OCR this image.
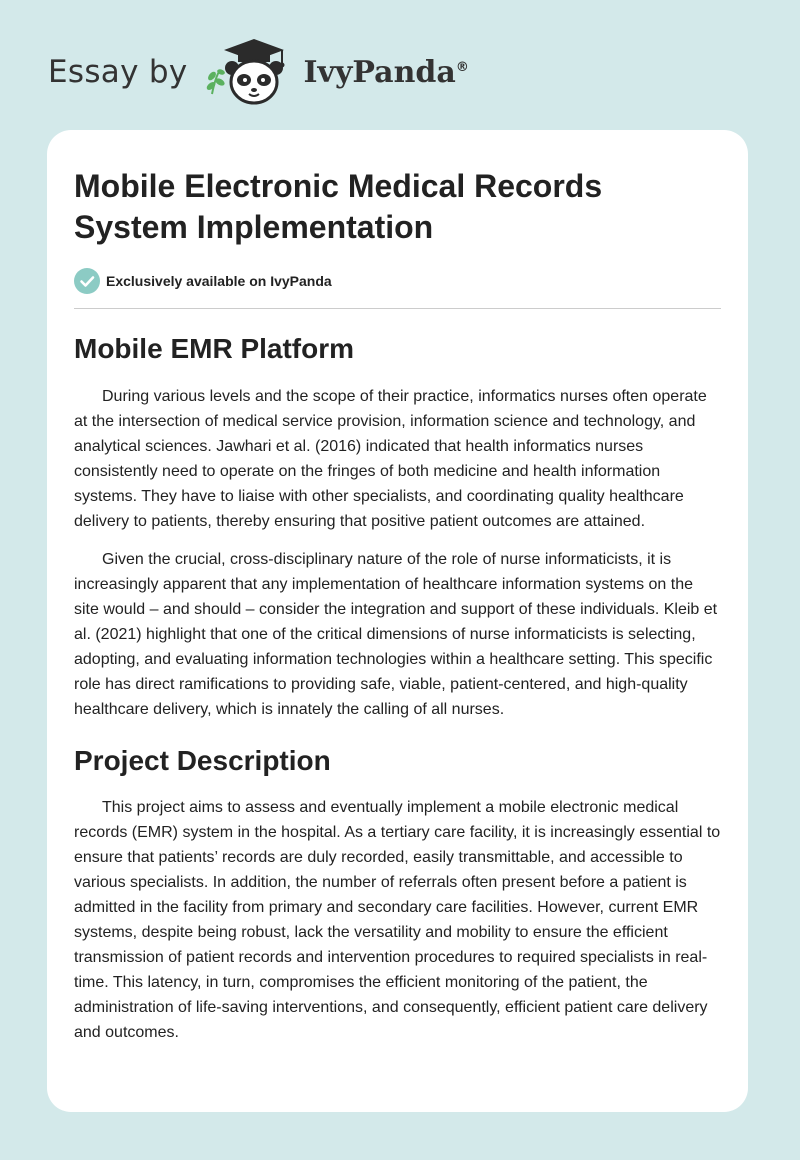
Essay by	IvyPanda®
Mobile Electronic Medical Records System Implementation
Exclusively available on IvyPanda
Mobile EMR Platform

During various levels and the scope of their practice, informatics nurses often operate at the intersection of medical service provision, information science and technology, and analytical sciences. Jawhari et al. (2016) indicated that health informatics nurses consistently need to operate on the fringes of both medicine and health information systems. They have to liaise with other specialists, and coordinating quality healthcare delivery to patients, thereby ensuring that positive patient outcomes are attained.

Given the crucial, cross-disciplinary nature of the role of nurse informaticists, it is increasingly apparent that any implementation of healthcare information systems on the site would – and should – consider the integration and support of these individuals. Kleib et al. (2021) highlight that one of the critical dimensions of nurse informaticists is selecting, adopting, and evaluating information technologies within a healthcare setting. This specific role has direct ramifications to providing safe, viable, patient-centered, and high-quality healthcare delivery, which is innately the calling of all nurses.

Project Description

This project aims to assess and eventually implement a mobile electronic medical records (EMR) system in the hospital. As a tertiary care facility, it is increasingly essential to ensure that patients’ records are duly recorded, easily transmittable, and accessible to various specialists. In addition, the number of referrals often present before a patient is admitted in the facility from primary and secondary care facilities. However, current EMR systems, despite being robust, lack the versatility and mobility to ensure the efficient transmission of patient records and intervention procedures to required specialists in real-time. This latency, in turn, compromises the efficient monitoring of the patient, the administration of life-saving interventions, and consequently, efficient patient care delivery and outcomes.
